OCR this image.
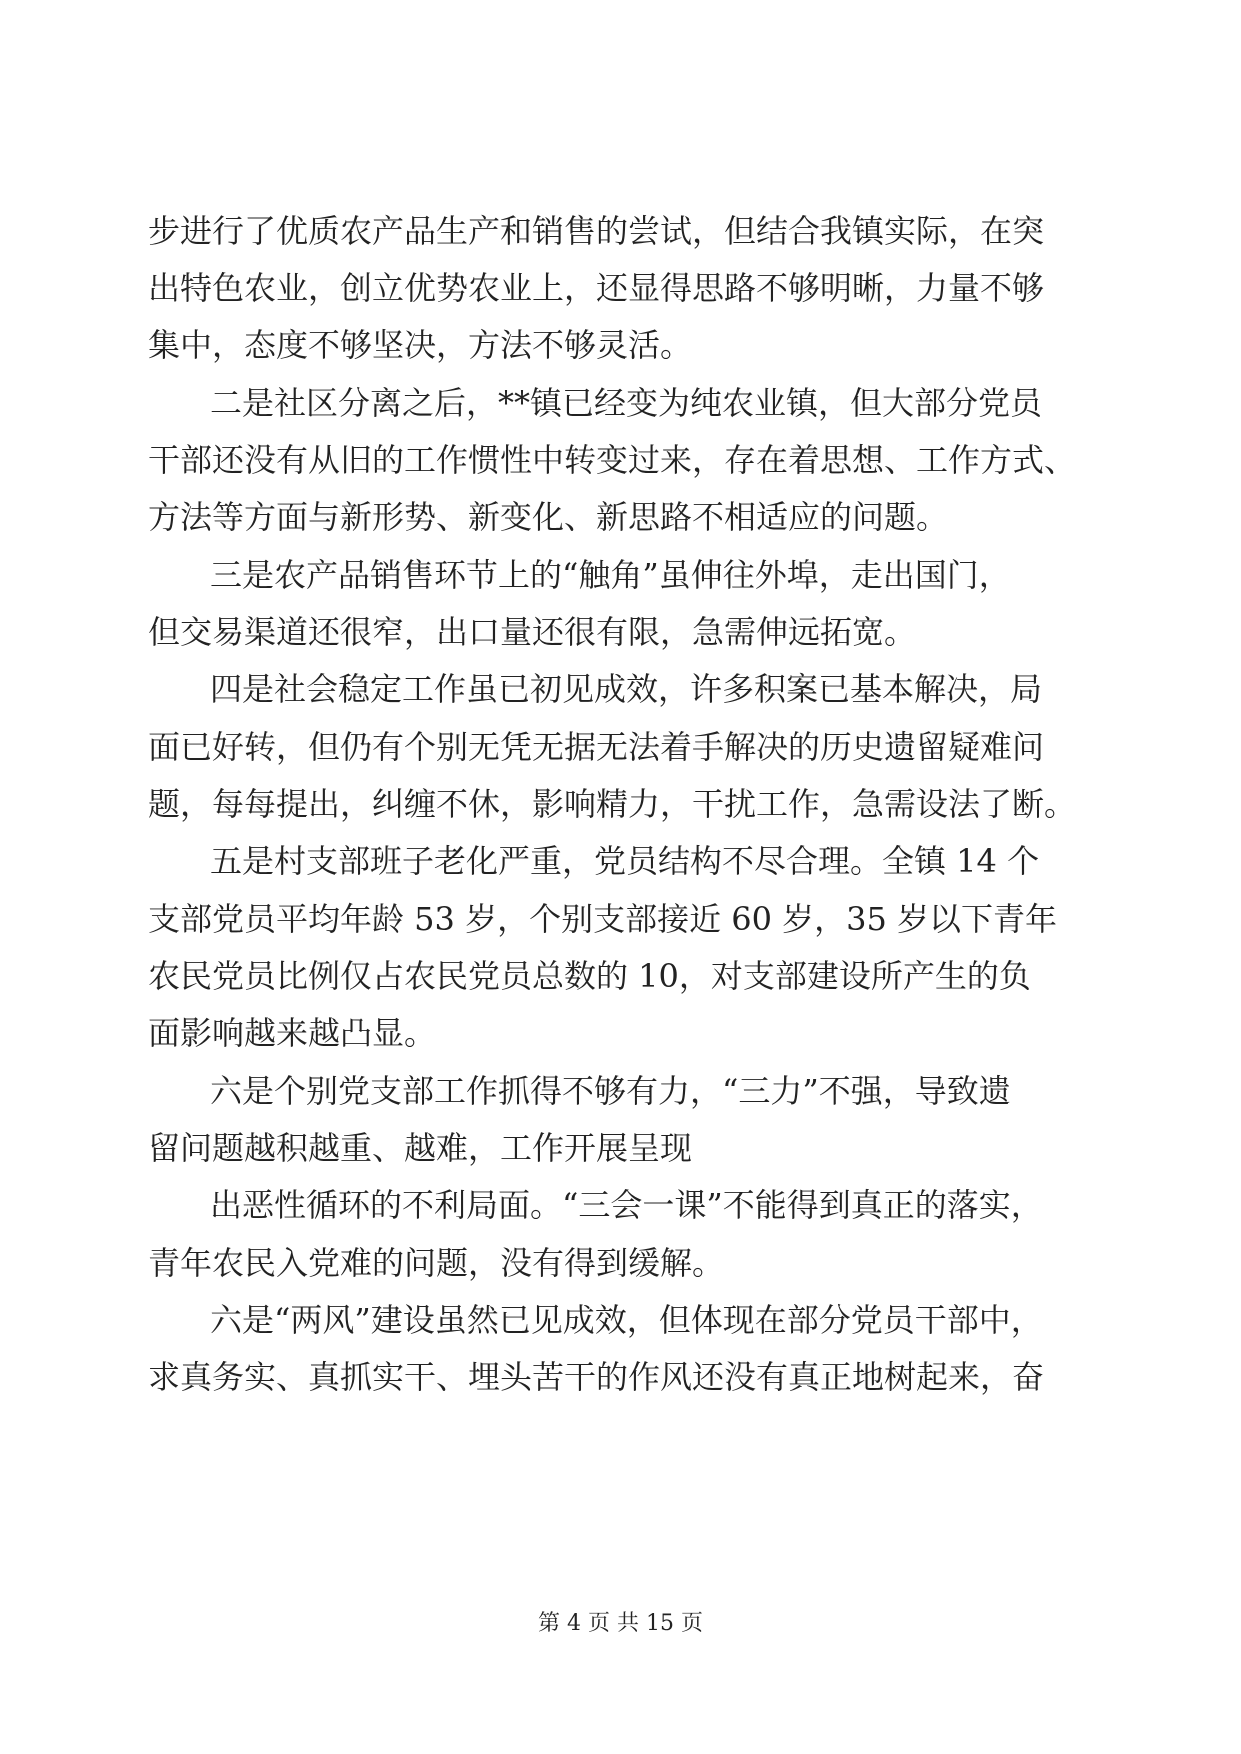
步进行了优质农产品生产和销售的尝试，但结合我镇实际，在突
出特色农业，创立优势农业上，还显得思路不够明晰，力量不够
集中，态度不够坚决，方法不够灵活。
二是社区分离之后，**镇已经变为纯农业镇，但大部分党员
干部还没有从旧的工作惯性中转变过来，存在着思想、工作方式、
方法等方面与新形势、新变化、新思路不相适应的问题。
三是农产品销售环节上的“触角”虽伸往外埠，走出国门，
但交易渠道还很窄，出口量还很有限，急需伸远拓宽。
四是社会稳定工作虽已初见成效，许多积案已基本解决，局
面已好转，但仍有个别无凭无据无法着手解决的历史遗留疑难问
题，每每提出，纠缠不休，影响精力，干扰工作，急需设法了断。
五是村支部班子老化严重，党员结构不尽合理。全镇 14 个
支部党员平均年龄 53 岁，个别支部接近 60 岁，35 岁以下青年
农民党员比例仅占农民党员总数的 10，对支部建设所产生的负
面影响越来越凸显。
六是个别党支部工作抓得不够有力，“三力”不强，导致遗
留问题越积越重、越难，工作开展呈现
出恶性循环的不利局面。“三会一课”不能得到真正的落实，
青年农民入党难的问题，没有得到缓解。
六是“两风”建设虽然已见成效，但体现在部分党员干部中，
求真务实、真抓实干、埋头苦干的作风还没有真正地树起来，奋
第 4 页 共 15 页
